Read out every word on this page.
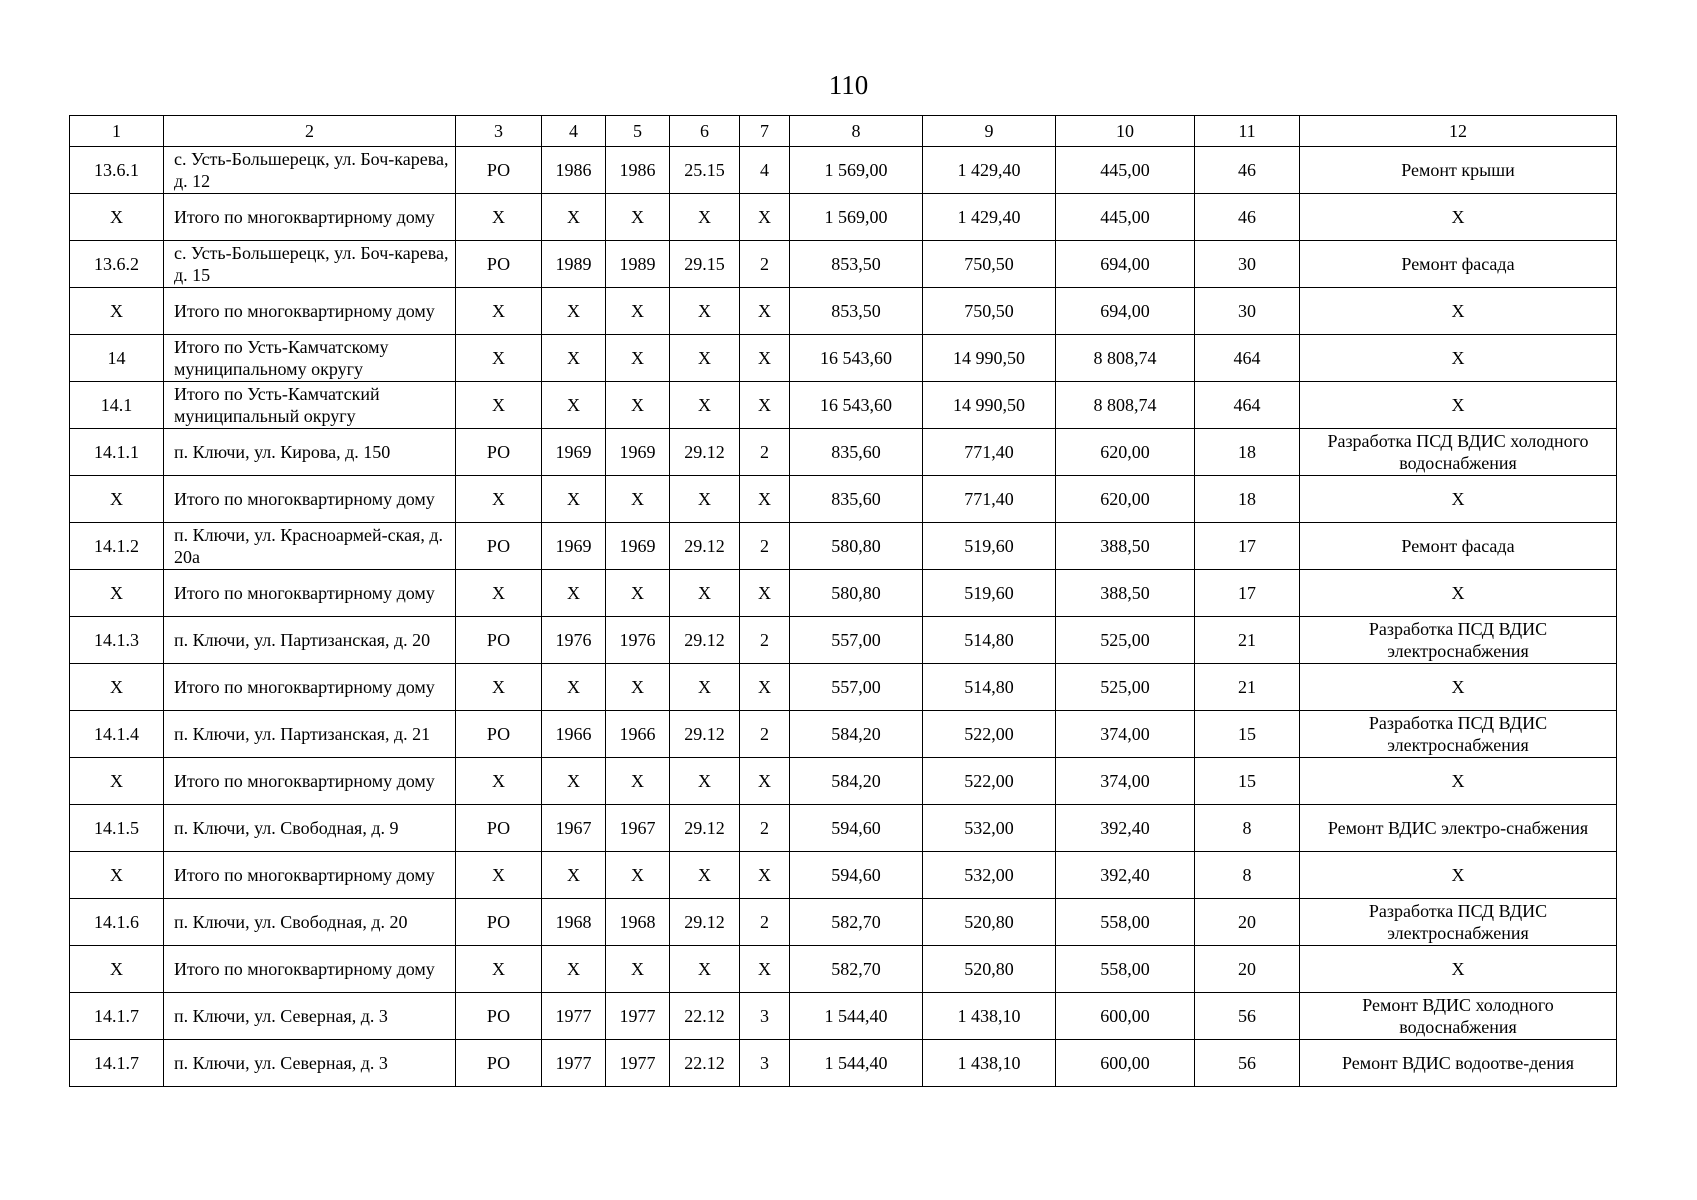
110
1	2	3	4	5	6	7	8	9	10	11	12
13.6.1	с. Усть-Большерецк, ул. Боч-карева, д. 12	РО	1986	1986	25.15	4	1 569,00	1 429,40	445,00	46	Ремонт крыши
Х	Итого по многоквартирному дому	Х	Х	Х	Х	Х	1 569,00	1 429,40	445,00	46	Х
13.6.2	с. Усть-Большерецк, ул. Боч-карева, д. 15	РО	1989	1989	29.15	2	853,50	750,50	694,00	30	Ремонт фасада
Х	Итого по многоквартирному дому	Х	Х	Х	Х	Х	853,50	750,50	694,00	30	Х
14	Итого по Усть-Камчатскому муниципальному округу	Х	Х	Х	Х	Х	16 543,60	14 990,50	8 808,74	464	Х
14.1	Итого по Усть-Камчатский муниципальный округу	Х	Х	Х	Х	Х	16 543,60	14 990,50	8 808,74	464	Х
14.1.1	п. Ключи, ул. Кирова, д. 150	РО	1969	1969	29.12	2	835,60	771,40	620,00	18	Разработка ПСД ВДИС холодного водоснабжения
Х	Итого по многоквартирному дому	Х	Х	Х	Х	Х	835,60	771,40	620,00	18	Х
14.1.2	п. Ключи, ул. Красноармей-ская, д. 20а	РО	1969	1969	29.12	2	580,80	519,60	388,50	17	Ремонт фасада
Х	Итого по многоквартирному дому	Х	Х	Х	Х	Х	580,80	519,60	388,50	17	Х
14.1.3	п. Ключи, ул. Партизанская, д. 20	РО	1976	1976	29.12	2	557,00	514,80	525,00	21	Разработка ПСД ВДИС электроснабжения
Х	Итого по многоквартирному дому	Х	Х	Х	Х	Х	557,00	514,80	525,00	21	Х
14.1.4	п. Ключи, ул. Партизанская, д. 21	РО	1966	1966	29.12	2	584,20	522,00	374,00	15	Разработка ПСД ВДИС электроснабжения
Х	Итого по многоквартирному дому	Х	Х	Х	Х	Х	584,20	522,00	374,00	15	Х
14.1.5	п. Ключи, ул. Свободная, д. 9	РО	1967	1967	29.12	2	594,60	532,00	392,40	8	Ремонт ВДИС электро-снабжения
Х	Итого по многоквартирному дому	Х	Х	Х	Х	Х	594,60	532,00	392,40	8	Х
14.1.6	п. Ключи, ул. Свободная, д. 20	РО	1968	1968	29.12	2	582,70	520,80	558,00	20	Разработка ПСД ВДИС электроснабжения
Х	Итого по многоквартирному дому	Х	Х	Х	Х	Х	582,70	520,80	558,00	20	Х
14.1.7	п. Ключи, ул. Северная, д. 3	РО	1977	1977	22.12	3	1 544,40	1 438,10	600,00	56	Ремонт ВДИС холодного водоснабжения
14.1.7	п. Ключи, ул. Северная, д. 3	РО	1977	1977	22.12	3	1 544,40	1 438,10	600,00	56	Ремонт ВДИС водоотве-дения
